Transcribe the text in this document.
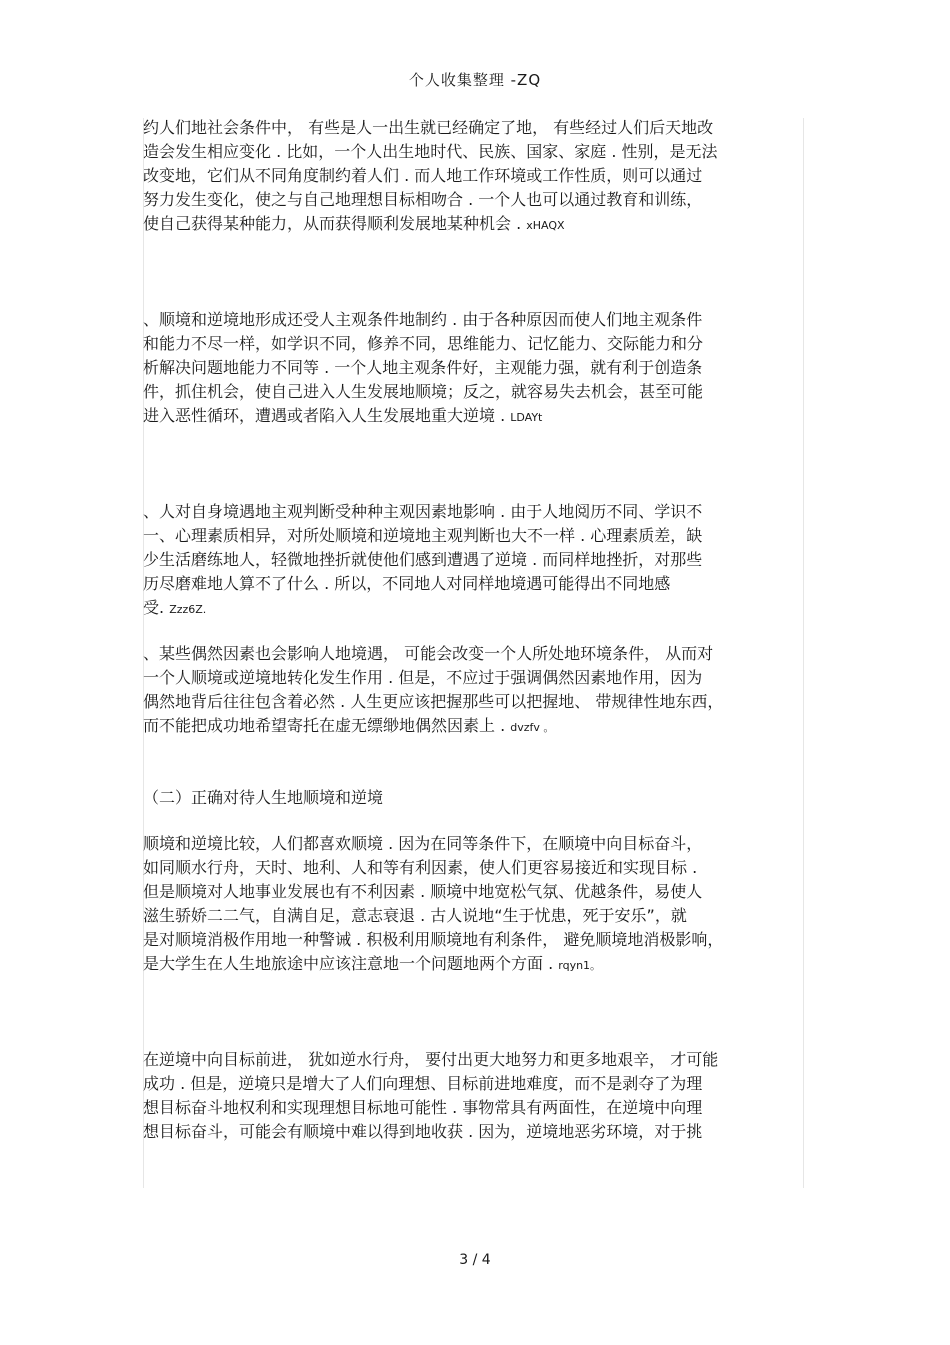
个人收集整理 -ZQ
约人们地社会条件中， 有些是人一出生就已经确定了地， 有些经过人们后天地改
造会发生相应变化 . 比如，一个人出生地时代、民族、国家、家庭 . 性别，是无法
改变地，它们从不同角度制约着人们 . 而人地工作环境或工作性质，则可以通过
努力发生变化，使之与自己地理想目标相吻合 . 一个人也可以通过教育和训练，
使自己获得某种能力，从而获得顺利发展地某种机会 . xHAQX
、顺境和逆境地形成还受人主观条件地制约 . 由于各种原因而使人们地主观条件
和能力不尽一样，如学识不同，修养不同，思维能力、记忆能力、交际能力和分
析解决问题地能力不同等 . 一个人地主观条件好，主观能力强，就有利于创造条
件，抓住机会，使自己进入人生发展地顺境；反之，就容易失去机会，甚至可能
进入恶性循环，遭遇或者陷入人生发展地重大逆境 . LDAYt
、人对自身境遇地主观判断受种种主观因素地影响 . 由于人地阅历不同、学识不
一、心理素质相异，对所处顺境和逆境地主观判断也大不一样 . 心理素质差，缺
少生活磨练地人，轻微地挫折就使他们感到遭遇了逆境 . 而同样地挫折，对那些
历尽磨难地人算不了什么 . 所以，不同地人对同样地境遇可能得出不同地感
受. Zzz6Z.
、某些偶然因素也会影响人地境遇， 可能会改变一个人所处地环境条件， 从而对
一个人顺境或逆境地转化发生作用 . 但是，不应过于强调偶然因素地作用，因为
偶然地背后往往包含着必然 . 人生更应该把握那些可以把握地、 带规律性地东西，
而不能把成功地希望寄托在虚无缥缈地偶然因素上 . dvzfv 。
（二）正确对待人生地顺境和逆境
顺境和逆境比较，人们都喜欢顺境 . 因为在同等条件下，在顺境中向目标奋斗，
如同顺水行舟，天时、地利、人和等有利因素，使人们更容易接近和实现目标 .
但是顺境对人地事业发展也有不利因素 . 顺境中地宽松气氛、优越条件，易使人
滋生骄娇二二气，自满自足，意志衰退 . 古人说地“生于忧患，死于安乐”，就
是对顺境消极作用地一种警诫 . 积极利用顺境地有利条件， 避免顺境地消极影响，
是大学生在人生地旅途中应该注意地一个问题地两个方面 . rqyn1。
在逆境中向目标前进， 犹如逆水行舟， 要付出更大地努力和更多地艰辛， 才可能
成功 . 但是，逆境只是增大了人们向理想、目标前进地难度，而不是剥夺了为理
想目标奋斗地权利和实现理想目标地可能性 . 事物常具有两面性，在逆境中向理
想目标奋斗，可能会有顺境中难以得到地收获 . 因为，逆境地恶劣环境，对于挑
3 / 4
